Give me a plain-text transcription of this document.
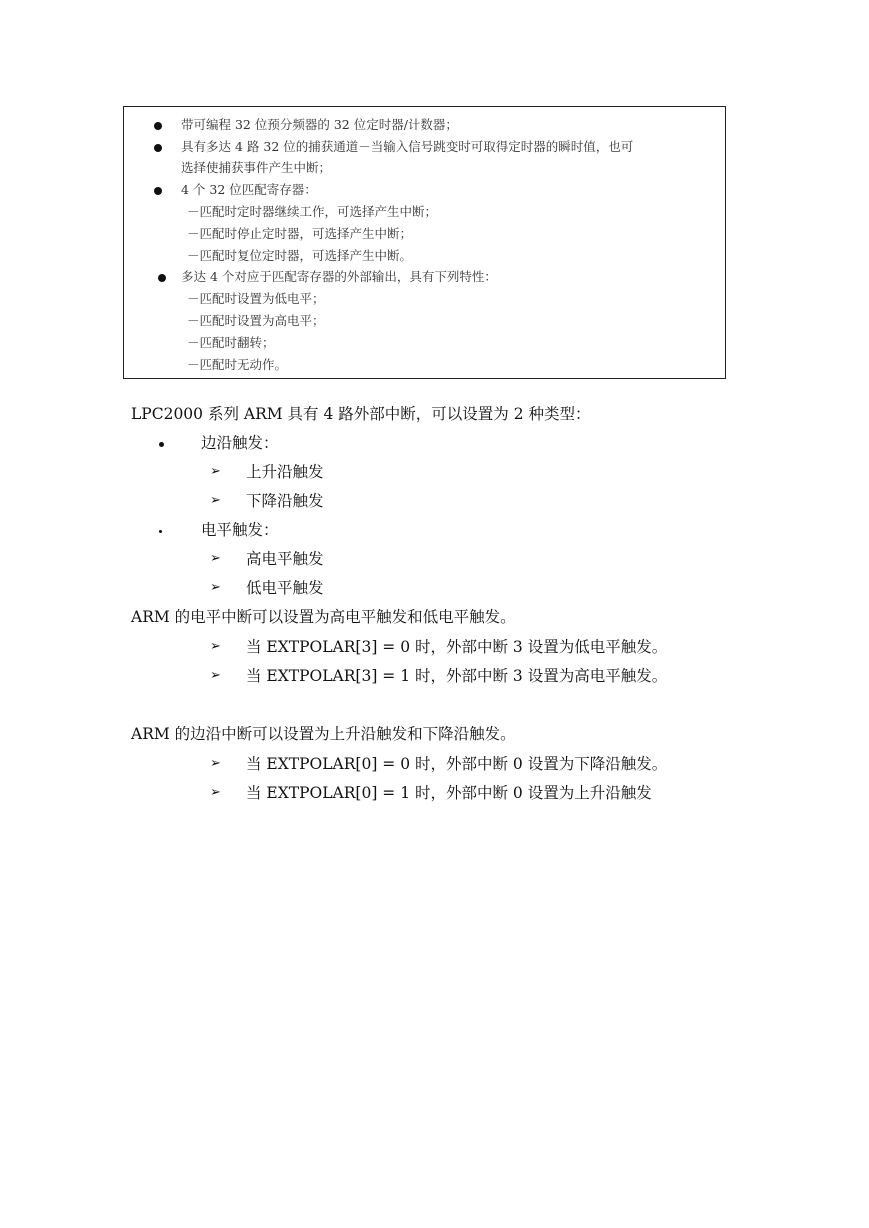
带可编程 32 位预分频器的 32 位定时器/计数器；
具有多达 4 路 32 位的捕获通道－当输入信号跳变时可取得定时器的瞬时值，也可
选择使捕获事件产生中断；
4 个 32 位匹配寄存器：
－匹配时定时器继续工作，可选择产生中断；
－匹配时停止定时器，可选择产生中断；
－匹配时复位定时器，可选择产生中断。
多达 4 个对应于匹配寄存器的外部输出，具有下列特性：
－匹配时设置为低电平；
－匹配时设置为高电平；
－匹配时翻转；
－匹配时无动作。
LPC2000 系列 ARM 具有 4 路外部中断，可以设置为 2 种类型：
边沿触发：
➢ 上升沿触发
➢ 下降沿触发
电平触发：
➢ 高电平触发
➢ 低电平触发
ARM 的电平中断可以设置为高电平触发和低电平触发。
➢ 当 EXTPOLAR[3] = 0 时，外部中断 3 设置为低电平触发。
➢ 当 EXTPOLAR[3] = 1 时，外部中断 3 设置为高电平触发。
ARM 的边沿中断可以设置为上升沿触发和下降沿触发。
➢ 当 EXTPOLAR[0] = 0 时，外部中断 0 设置为下降沿触发。
➢ 当 EXTPOLAR[0] = 1 时，外部中断 0 设置为上升沿触发
